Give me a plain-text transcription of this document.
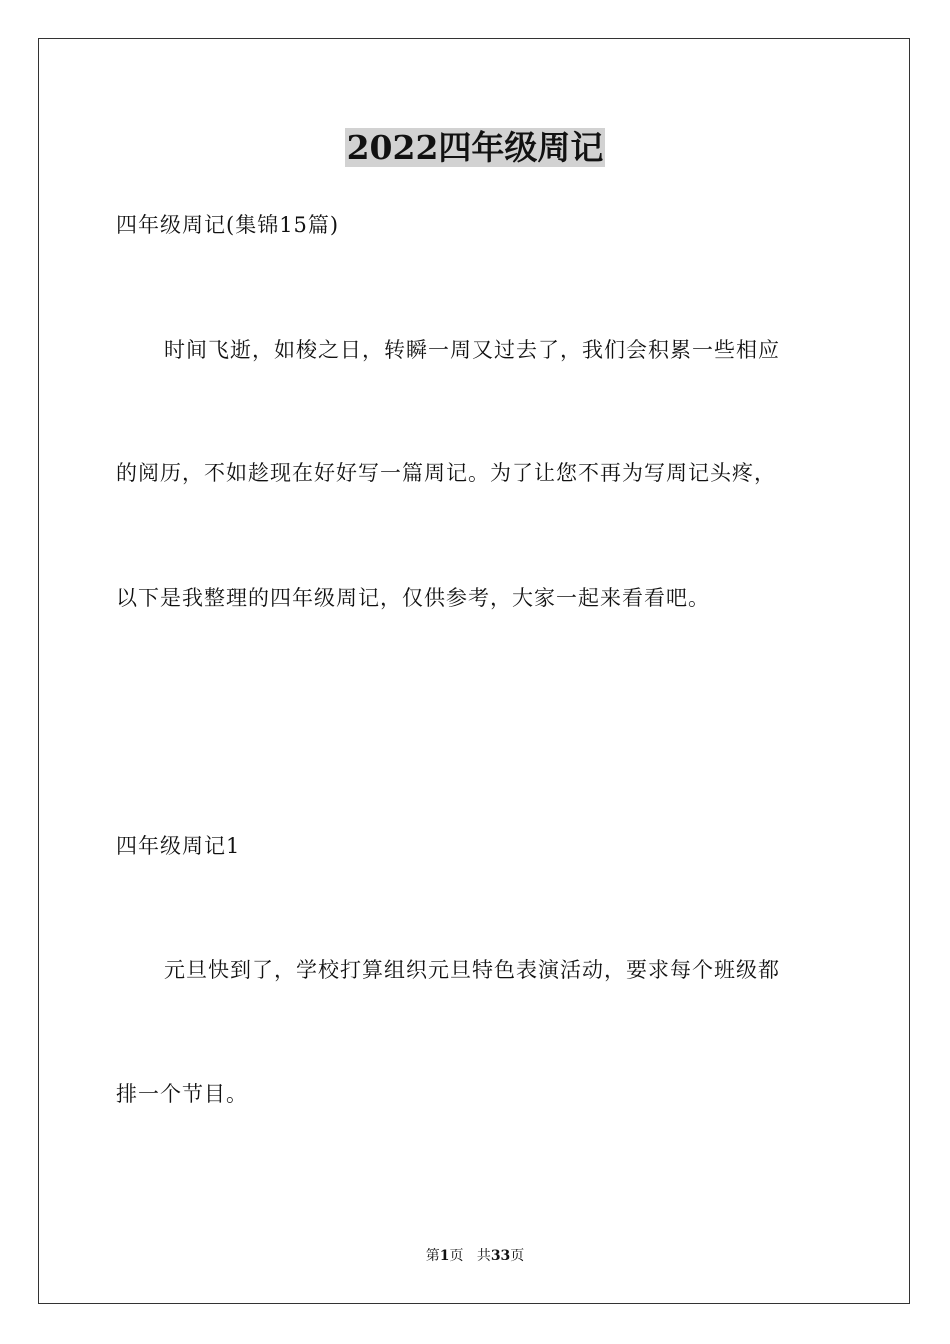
2022四年级周记
四年级周记(集锦15篇)
时间飞逝，如梭之日，转瞬一周又过去了，我们会积累一些相应
的阅历，不如趁现在好好写一篇周记。为了让您不再为写周记头疼，
以下是我整理的四年级周记，仅供参考，大家一起来看看吧。
四年级周记1
元旦快到了，学校打算组织元旦特色表演活动，要求每个班级都
排一个节目。
第1页 共33页
